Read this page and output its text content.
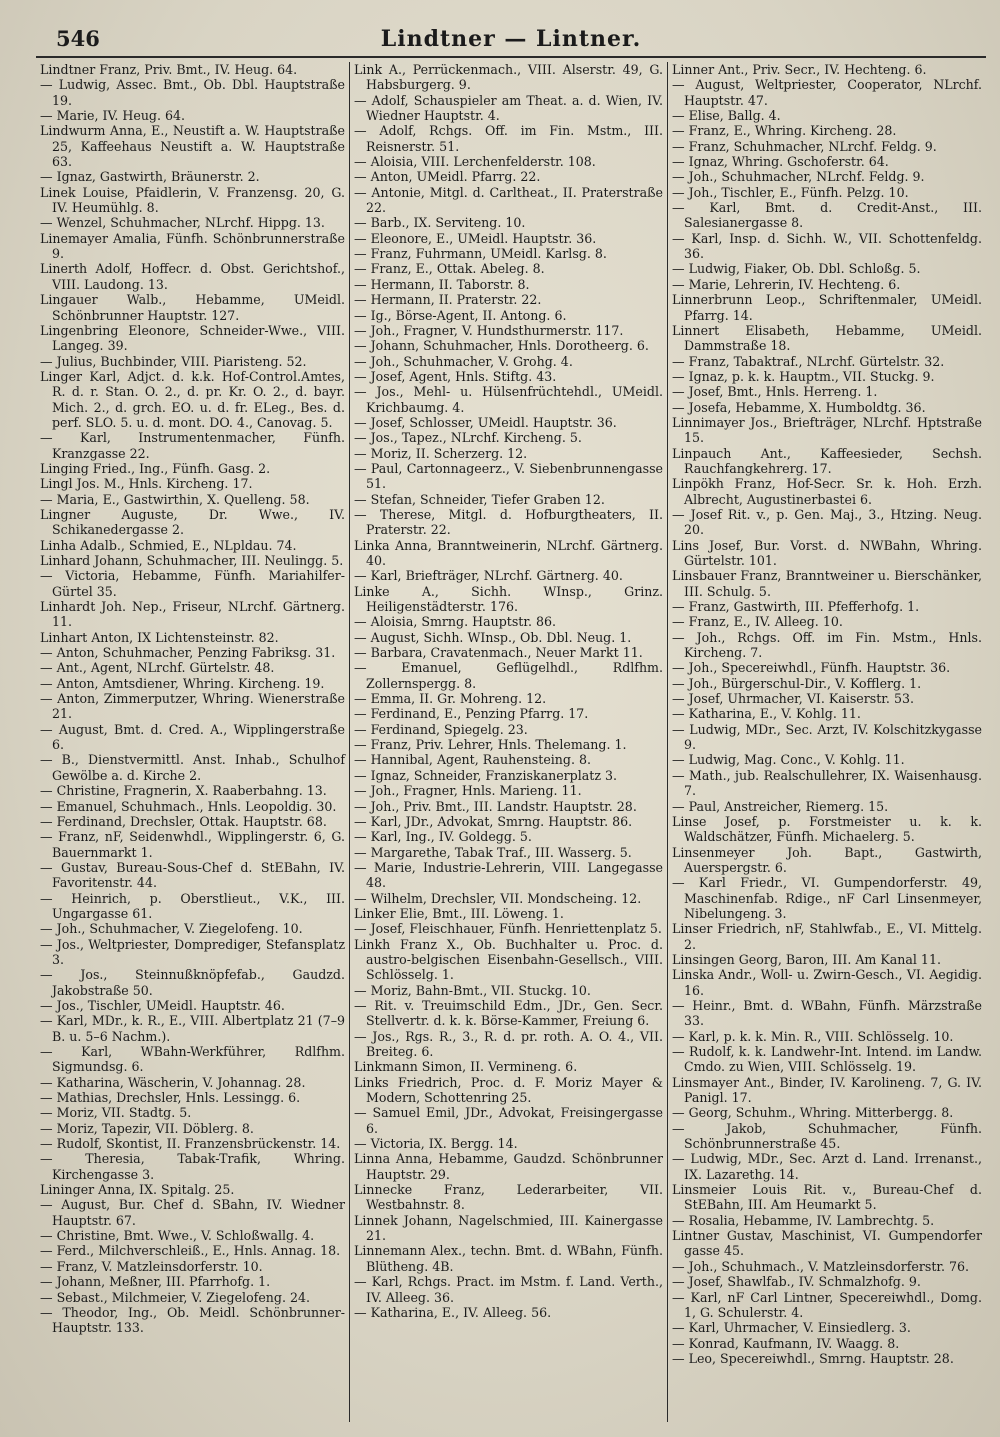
546	Lindtner — Lintner.

Lindtner Franz, Priv. Bmt., IV. Heug. 64.

— Ludwig, Assec. Bmt., Ob. Dbl. Hauptstraße 19.

— Marie, IV. Heug. 64.

Lindwurm Anna, E., Neustift a. W. Hauptstraße 25, Kaffeehaus Neustift a. W. Hauptstraße 63.

— Ignaz, Gastwirth, Bräunerstr. 2.

Linek Louise, Pfaidlerin, V. Franzensg. 20, G. IV. Heumühlg. 8.

— Wenzel, Schuhmacher, NLrchf. Hippg. 13.

Linemayer Amalia, Fünfh. Schönbrunnerstraße 9.

Linerth Adolf, Hoffecr. d. Obst. Gerichtshof., VIII. Laudong. 13.

Lingauer Walb., Hebamme, UMeidl. Schönbrunner Hauptstr. 127.

Lingenbring Eleonore, Schneider-Wwe., VIII. Langeg. 39.

— Julius, Buchbinder, VIII. Piaristeng. 52.

Linger Karl, Adjct. d. k.k. Hof-Control.Amtes, R. d. r. Stan. O. 2., d. pr. Kr. O. 2., d. bayr. Mich. 2., d. grch. EO. u. d. fr. ELeg., Bes. d. perf. SLO. 5. u. d. mont. DO. 4., Canovag. 5.

— Karl, Instrumentenmacher, Fünfh. Kranzgasse 22.

Linging Fried., Ing., Fünfh. Gasg. 2.

Lingl Jos. M., Hnls. Kircheng. 17.

— Maria, E., Gastwirthin, X. Quelleng. 58.

Lingner Auguste, Dr. Wwe., IV. Schikanedergasse 2.

Linha Adalb., Schmied, E., NLpldau. 74.

Linhard Johann, Schuhmacher, III. Neulingg. 5.

— Victoria, Hebamme, Fünfh. Mariahilfer-Gürtel 35.

Linhardt Joh. Nep., Friseur, NLrchf. Gärtnerg. 11.

Linhart Anton, IX Lichtensteinstr. 82.

— Anton, Schuhmacher, Penzing Fabriksg. 31.

— Ant., Agent, NLrchf. Gürtelstr. 48.

— Anton, Amtsdiener, Whring. Kircheng. 19.

— Anton, Zimmerputzer, Whring. Wienerstraße 21.

— August, Bmt. d. Cred. A., Wipplingerstraße 6.

— B., Dienstvermittl. Anst. Inhab., Schulhof Gewölbe a. d. Kirche 2.

— Christine, Fragnerin, X. Raaberbahng. 13.

— Emanuel, Schuhmach., Hnls. Leopoldig. 30.

— Ferdinand, Drechsler, Ottak. Hauptstr. 68.

— Franz, nF, Seidenwhdl., Wipplingerstr. 6, G. Bauernmarkt 1.

— Gustav, Bureau-Sous-Chef d. StEBahn, IV. Favoritenstr. 44.

— Heinrich, p. Oberstlieut., V.K., III. Ungargasse 61.

— Joh., Schuhmacher, V. Ziegelofeng. 10.

— Jos., Weltpriester, Domprediger, Stefansplatz 3.

— Jos., Steinnußknöpfefab., Gaudzd. Jakobstraße 50.

— Jos., Tischler, UMeidl. Hauptstr. 46.

— Karl, MDr., k. R., E., VIII. Albertplatz 21 (7–9 B. u. 5–6 Nachm.).

— Karl, WBahn-Werkführer, Rdlfhm. Sigmundsg. 6.

— Katharina, Wäscherin, V. Johannag. 28.

— Mathias, Drechsler, Hnls. Lessingg. 6.

— Moriz, VII. Stadtg. 5.

— Moriz, Tapezir, VII. Döblerg. 8.

— Rudolf, Skontist, II. Franzensbrückenstr. 14.

— Theresia, Tabak-Trafik, Whring. Kirchengasse 3.

Lininger Anna, IX. Spitalg. 25.

— August, Bur. Chef d. SBahn, IV. Wiedner Hauptstr. 67.

— Christine, Bmt. Wwe., V. Schloßwallg. 4.

— Ferd., Milchverschleiß., E., Hnls. Annag. 18.

— Franz, V. Matzleinsdorferstr. 10.

— Johann, Meßner, III. Pfarrhofg. 1.

— Sebast., Milchmeier, V. Ziegelofeng. 24.

— Theodor, Ing., Ob. Meidl. Schönbrunner-Hauptstr. 133.

Link A., Perrückenmach., VIII. Alserstr. 49, G. Habsburgerg. 9.

— Adolf, Schauspieler am Theat. a. d. Wien, IV. Wiedner Hauptstr. 4.

— Adolf, Rchgs. Off. im Fin. Mstm., III. Reisnerstr. 51.

— Aloisia, VIII. Lerchenfelderstr. 108.

— Anton, UMeidl. Pfarrg. 22.

— Antonie, Mitgl. d. Carltheat., II. Praterstraße 22.

— Barb., IX. Serviteng. 10.

— Eleonore, E., UMeidl. Hauptstr. 36.

— Franz, Fuhrmann, UMeidl. Karlsg. 8.

— Franz, E., Ottak. Abeleg. 8.

— Hermann, II. Taborstr. 8.

— Hermann, II. Praterstr. 22.

— Ig., Börse-Agent, II. Antong. 6.

— Joh., Fragner, V. Hundsthurmerstr. 117.

— Johann, Schuhmacher, Hnls. Dorotheerg. 6.

— Joh., Schuhmacher, V. Grohg. 4.

— Josef, Agent, Hnls. Stiftg. 43.

— Jos., Mehl- u. Hülsenfrüchtehdl., UMeidl. Krichbaumg. 4.

— Josef, Schlosser, UMeidl. Hauptstr. 36.

— Jos., Tapez., NLrchf. Kircheng. 5.

— Moriz, II. Scherzerg. 12.

— Paul, Cartonnageerz., V. Siebenbrunnengasse 51.

— Stefan, Schneider, Tiefer Graben 12.

— Therese, Mitgl. d. Hofburgtheaters, II. Praterstr. 22.

Linka Anna, Branntweinerin, NLrchf. Gärtnerg. 40.

— Karl, Briefträger, NLrchf. Gärtnerg. 40.

Linke A., Sichh. WInsp., Grinz. Heiligenstädterstr. 176.

— Aloisia, Smrng. Hauptstr. 86.

— August, Sichh. WInsp., Ob. Dbl. Neug. 1.

— Barbara, Cravatenmach., Neuer Markt 11.

— Emanuel, Geflügelhdl., Rdlfhm. Zollernspergg. 8.

— Emma, II. Gr. Mohreng. 12.

— Ferdinand, E., Penzing Pfarrg. 17.

— Ferdinand, Spiegelg. 23.

— Franz, Priv. Lehrer, Hnls. Thelemang. 1.

— Hannibal, Agent, Rauhensteing. 8.

— Ignaz, Schneider, Franziskanerplatz 3.

— Joh., Fragner, Hnls. Marieng. 11.

— Joh., Priv. Bmt., III. Landstr. Hauptstr. 28.

— Karl, JDr., Advokat, Smrng. Hauptstr. 86.

— Karl, Ing., IV. Goldegg. 5.

— Margarethe, Tabak Traf., III. Wasserg. 5.

— Marie, Industrie-Lehrerin, VIII. Langegasse 48.

— Wilhelm, Drechsler, VII. Mondscheing. 12.

Linker Elie, Bmt., III. Löweng. 1.

— Josef, Fleischhauer, Fünfh. Henriettenplatz 5.

Linkh Franz X., Ob. Buchhalter u. Proc. d. austro-belgischen Eisenbahn-Gesellsch., VIII. Schlösselg. 1.

— Moriz, Bahn-Bmt., VII. Stuckg. 10.

— Rit. v. Treuimschild Edm., JDr., Gen. Secr. Stellvertr. d. k. k. Börse-Kammer, Freiung 6.

— Jos., Rgs. R., 3., R. d. pr. roth. A. O. 4., VII. Breiteg. 6.

Linkmann Simon, II. Vermineng. 6.

Links Friedrich, Proc. d. F. Moriz Mayer & Modern, Schottenring 25.

— Samuel Emil, JDr., Advokat, Freisingergasse 6.

— Victoria, IX. Bergg. 14.

Linna Anna, Hebamme, Gaudzd. Schönbrunner Hauptstr. 29.

Linnecke Franz, Lederarbeiter, VII. Westbahnstr. 8.

Linnek Johann, Nagelschmied, III. Kainergasse 21.

Linnemann Alex., techn. Bmt. d. WBahn, Fünfh. Blütheng. 4B.

— Karl, Rchgs. Pract. im Mstm. f. Land. Verth., IV. Alleeg. 36.

— Katharina, E., IV. Alleeg. 56.

Linner Ant., Priv. Secr., IV. Hechteng. 6.

— August, Weltpriester, Cooperator, NLrchf. Hauptstr. 47.

— Elise, Ballg. 4.

— Franz, E., Whring. Kircheng. 28.

— Franz, Schuhmacher, NLrchf. Feldg. 9.

— Ignaz, Whring. Gschoferstr. 64.

— Joh., Schuhmacher, NLrchf. Feldg. 9.

— Joh., Tischler, E., Fünfh. Pelzg. 10.

— Karl, Bmt. d. Credit-Anst., III. Salesianergasse 8.

— Karl, Insp. d. Sichh. W., VII. Schottenfeldg. 36.

— Ludwig, Fiaker, Ob. Dbl. Schloßg. 5.

— Marie, Lehrerin, IV. Hechteng. 6.

Linnerbrunn Leop., Schriftenmaler, UMeidl. Pfarrg. 14.

Linnert Elisabeth, Hebamme, UMeidl. Dammstraße 18.

— Franz, Tabaktraf., NLrchf. Gürtelstr. 32.

— Ignaz, p. k. k. Hauptm., VII. Stuckg. 9.

— Josef, Bmt., Hnls. Herreng. 1.

— Josefa, Hebamme, X. Humboldtg. 36.

Linnimayer Jos., Briefträger, NLrchf. Hptstraße 15.

Linpauch Ant., Kaffeesieder, Sechsh. Rauchfangkehrerg. 17.

Linpökh Franz, Hof-Secr. Sr. k. Hoh. Erzh. Albrecht, Augustinerbastei 6.

— Josef Rit. v., p. Gen. Maj., 3., Htzing. Neug. 20.

Lins Josef, Bur. Vorst. d. NWBahn, Whring. Gürtelstr. 101.

Linsbauer Franz, Branntweiner u. Bierschänker, III. Schulg. 5.

— Franz, Gastwirth, III. Pfefferhofg. 1.

— Franz, E., IV. Alleeg. 10.

— Joh., Rchgs. Off. im Fin. Mstm., Hnls. Kircheng. 7.

— Joh., Specereiwhdl., Fünfh. Hauptstr. 36.

— Joh., Bürgerschul-Dir., V. Kofflerg. 1.

— Josef, Uhrmacher, VI. Kaiserstr. 53.

— Katharina, E., V. Kohlg. 11.

— Ludwig, MDr., Sec. Arzt, IV. Kolschitzkygasse 9.

— Ludwig, Mag. Conc., V. Kohlg. 11.

— Math., jub. Realschullehrer, IX. Waisenhausg. 7.

— Paul, Anstreicher, Riemerg. 15.

Linse Josef, p. Forstmeister u. k. k. Waldschätzer, Fünfh. Michaelerg. 5.

Linsenmeyer Joh. Bapt., Gastwirth, Auerspergstr. 6.

— Karl Friedr., VI. Gumpendorferstr. 49, Maschinenfab. Rdige., nF Carl Linsenmeyer, Nibelungeng. 3.

Linser Friedrich, nF, Stahlwfab., E., VI. Mittelg. 2.

Linsingen Georg, Baron, III. Am Kanal 11.

Linska Andr., Woll- u. Zwirn-Gesch., VI. Aegidig. 16.

— Heinr., Bmt. d. WBahn, Fünfh. Märzstraße 33.

— Karl, p. k. k. Min. R., VIII. Schlösselg. 10.

— Rudolf, k. k. Landwehr-Int. Intend. im Landw. Cmdo. zu Wien, VIII. Schlösselg. 19.

Linsmayer Ant., Binder, IV. Karolineng. 7, G. IV. Panigl. 17.

— Georg, Schuhm., Whring. Mitterbergg. 8.

— Jakob, Schuhmacher, Fünfh. Schönbrunnerstraße 45.

— Ludwig, MDr., Sec. Arzt d. Land. Irrenanst., IX. Lazarethg. 14.

Linsmeier Louis Rit. v., Bureau-Chef d. StEBahn, III. Am Heumarkt 5.

— Rosalia, Hebamme, IV. Lambrechtg. 5.

Lintner Gustav, Maschinist, VI. Gumpendorfer gasse 45.

— Joh., Schuhmach., V. Matzleinsdorferstr. 76.

— Josef, Shawlfab., IV. Schmalzhofg. 9.

— Karl, nF Carl Lintner, Specereiwhdl., Domg. 1, G. Schulerstr. 4.

— Karl, Uhrmacher, V. Einsiedlerg. 3.

— Konrad, Kaufmann, IV. Waagg. 8.

— Leo, Specereiwhdl., Smrng. Hauptstr. 28.
